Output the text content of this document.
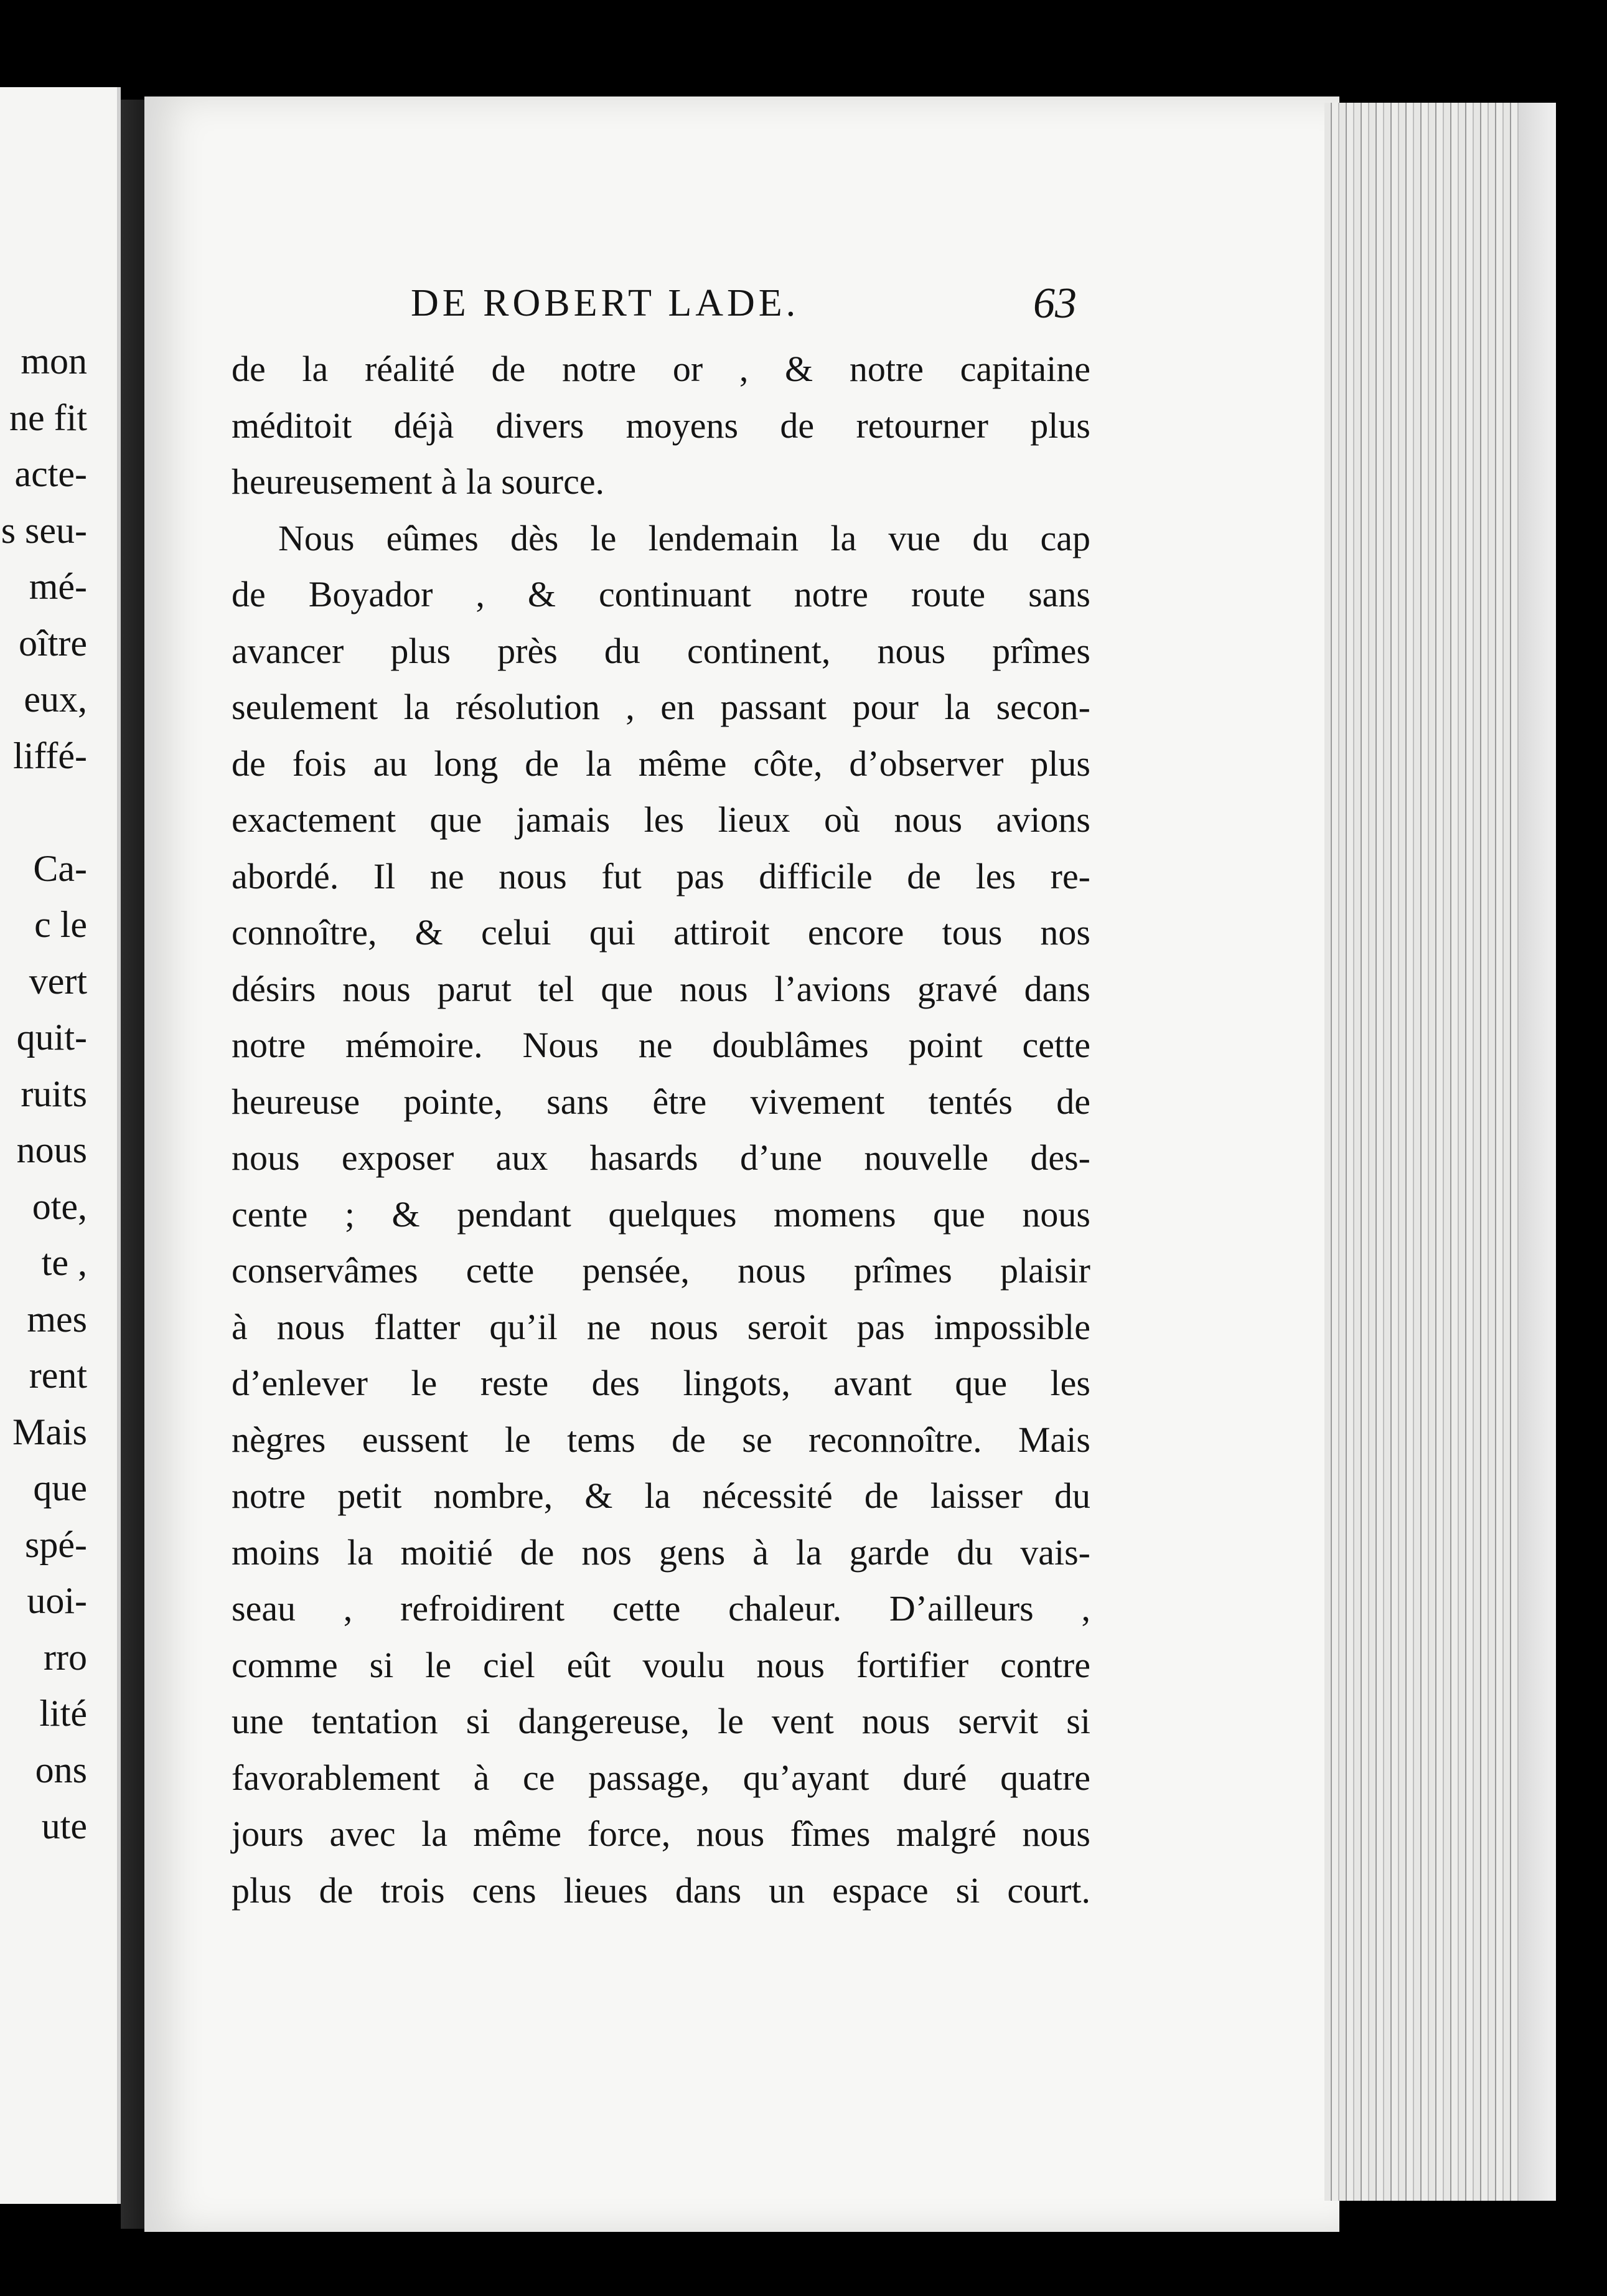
mon
ne fit
acte-
s seu-
mé-
oître
eux,
liffé-
Ca-
c le
vert
quit-
ruits
nous
ote,
te ,
mes
rent
Mais
que
spé-
uoi-
rro
lité
ons
ute
DE ROBERT LADE.	63
de la réalité de notre or , & notre capitaine
méditoit déjà divers moyens de retourner plus
heureusement à la source.
Nous eûmes dès le lendemain la vue du cap
de Boyador , & continuant notre route sans
avancer plus près du continent, nous prîmes
seulement la résolution , en passant pour la secon-
de fois au long de la même côte, d’observer plus
exactement que jamais les lieux où nous avions
abordé. Il ne nous fut pas difficile de les re-
connoître, & celui qui attiroit encore tous nos
désirs nous parut tel que nous l’avions gravé dans
notre mémoire. Nous ne doublâmes point cette
heureuse pointe, sans être vivement tentés de
nous exposer aux hasards d’une nouvelle des-
cente ; & pendant quelques momens que nous
conservâmes cette pensée, nous prîmes plaisir
à nous flatter qu’il ne nous seroit pas impossible
d’enlever le reste des lingots, avant que les
nègres eussent le tems de se reconnoître. Mais
notre petit nombre, & la nécessité de laisser du
moins la moitié de nos gens à la garde du vais-
seau , refroidirent cette chaleur. D’ailleurs ,
comme si le ciel eût voulu nous fortifier contre
une tentation si dangereuse, le vent nous servit si
favorablement à ce passage, qu’ayant duré quatre
jours avec la même force, nous fîmes malgré nous
plus de trois cens lieues dans un espace si court.
